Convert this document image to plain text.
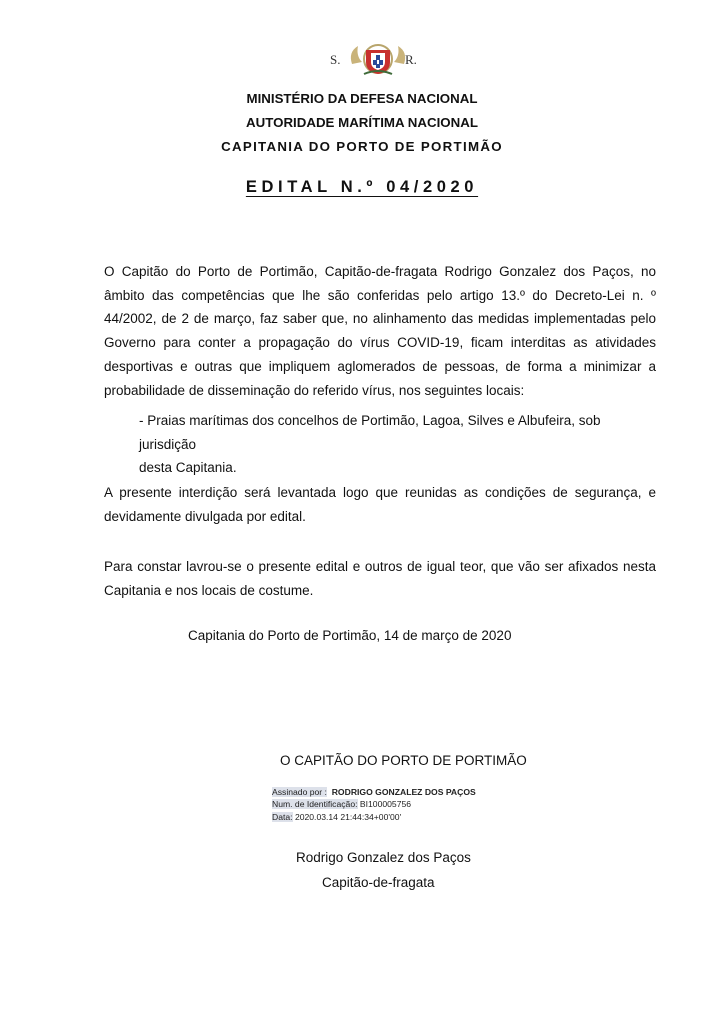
S.	R.
MINISTÉRIO DA DEFESA NACIONAL
AUTORIDADE MARÍTIMA NACIONAL
CAPITANIA DO PORTO DE PORTIMÃO
EDITAL N.º 04/2020
O Capitão do Porto de Portimão, Capitão-de-fragata Rodrigo Gonzalez dos Paços, no âmbito das competências que lhe são conferidas pelo artigo 13.º do Decreto-Lei n. º 44/2002, de 2 de março, faz saber que, no alinhamento das medidas implementadas pelo Governo para conter a propagação do vírus COVID-19, ficam interditas as atividades desportivas e outras que impliquem aglomerados de pessoas, de forma a minimizar a probabilidade de disseminação do referido vírus, nos seguintes locais:
- Praias marítimas dos concelhos de Portimão, Lagoa, Silves e Albufeira, sob jurisdição
desta Capitania.
A presente interdição será levantada logo que reunidas as condições de segurança, e devidamente divulgada por edital.
Para constar lavrou-se o presente edital e outros de igual teor, que vão ser afixados nesta Capitania e nos locais de costume.
Capitania do Porto de Portimão, 14 de março de 2020
O CAPITÃO DO PORTO DE PORTIMÃO
Assinado por : RODRIGO GONZALEZ DOS PAÇOS
Num. de Identificação: BI100005756
Data: 2020.03.14 21:44:34+00'00'
Rodrigo Gonzalez dos Paços
Capitão-de-fragata
